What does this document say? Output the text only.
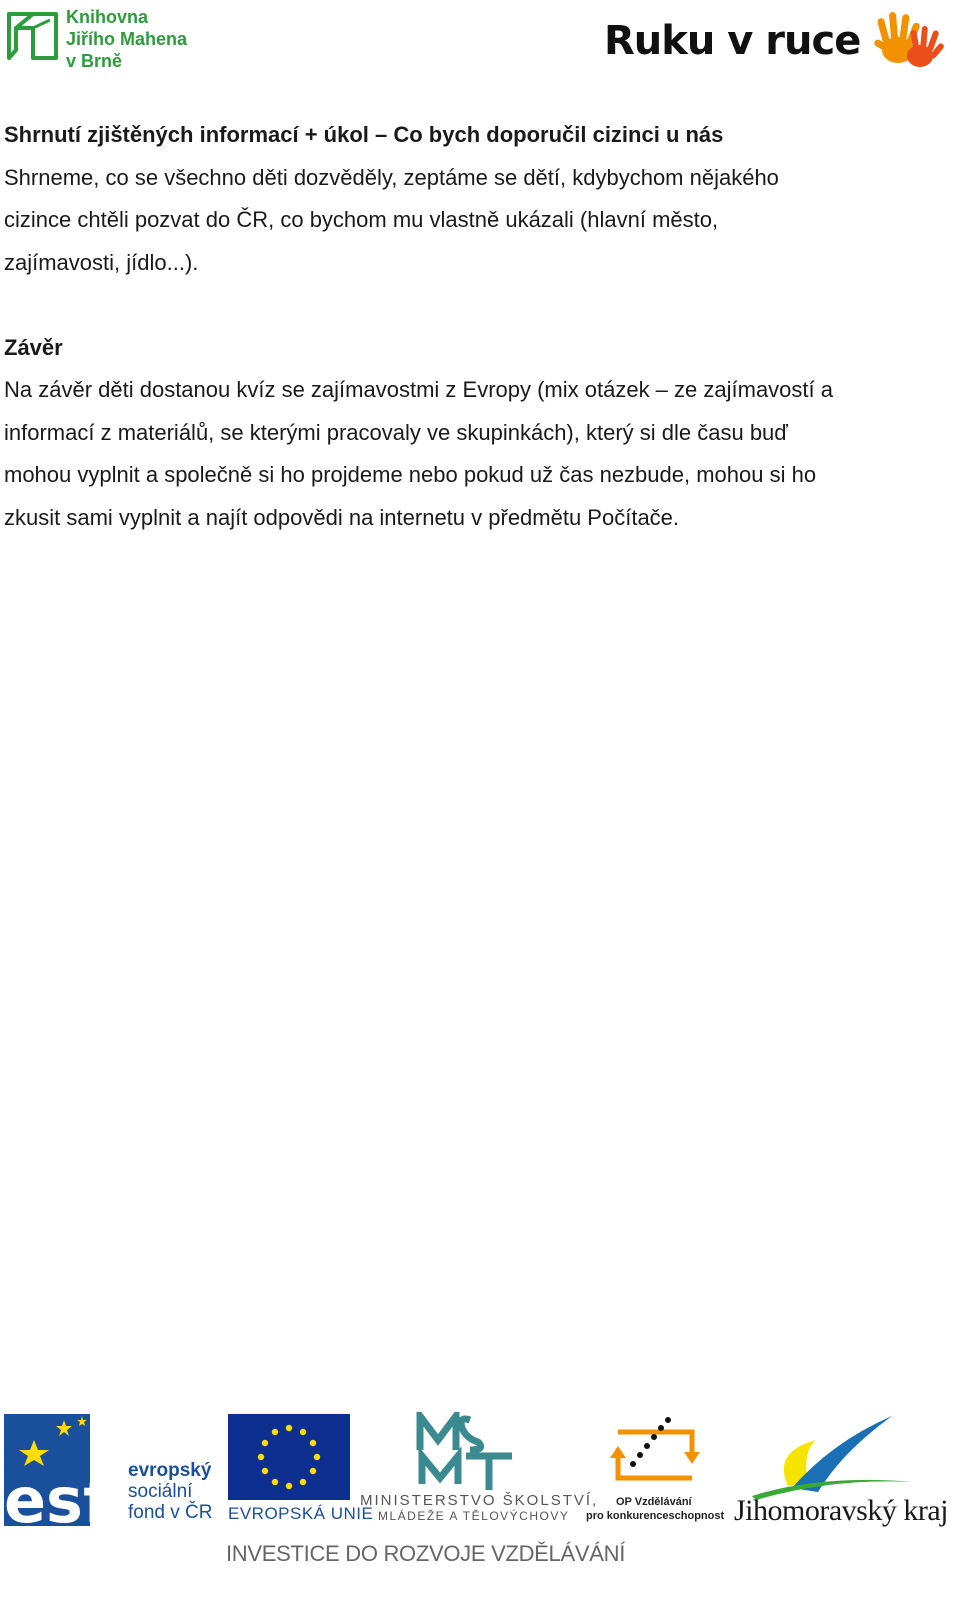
Knihovna
Jiřího Mahena
v Brně	Ruku v ruce

Shrnutí zjištěných informací + úkol – Co bych doporučil cizinci u nás

Shrneme, co se všechno děti dozvěděly, zeptáme se dětí, kdybychom nějakého

cizince chtěli pozvat do ČR, co bychom mu vlastně ukázali (hlavní město,

zajímavosti, jídlo...).

Závěr

Na závěr děti dostanou kvíz se zajímavostmi z Evropy (mix otázek – ze zajímavostí a

informací z materiálů, se kterými pracovaly ve skupinkách), který si dle času buď

mohou vyplnit a společně si ho projdeme nebo pokud už čas nezbude, mohou si ho

zkusit sami vyplnit a najít odpovědi na internetu v předmětu Počítače.

esf evropský
sociální
fond v ČR EVROPSKÁ UNIE
MINISTERSTVO ŠKOLSTVÍ,
MLÁDEŽE A TĚLOVÝCHOVY
OP Vzdělávání
pro konkurenceschopnost Jihomoravský kraj
INVESTICE DO ROZVOJE VZDĚLÁVÁNÍ
